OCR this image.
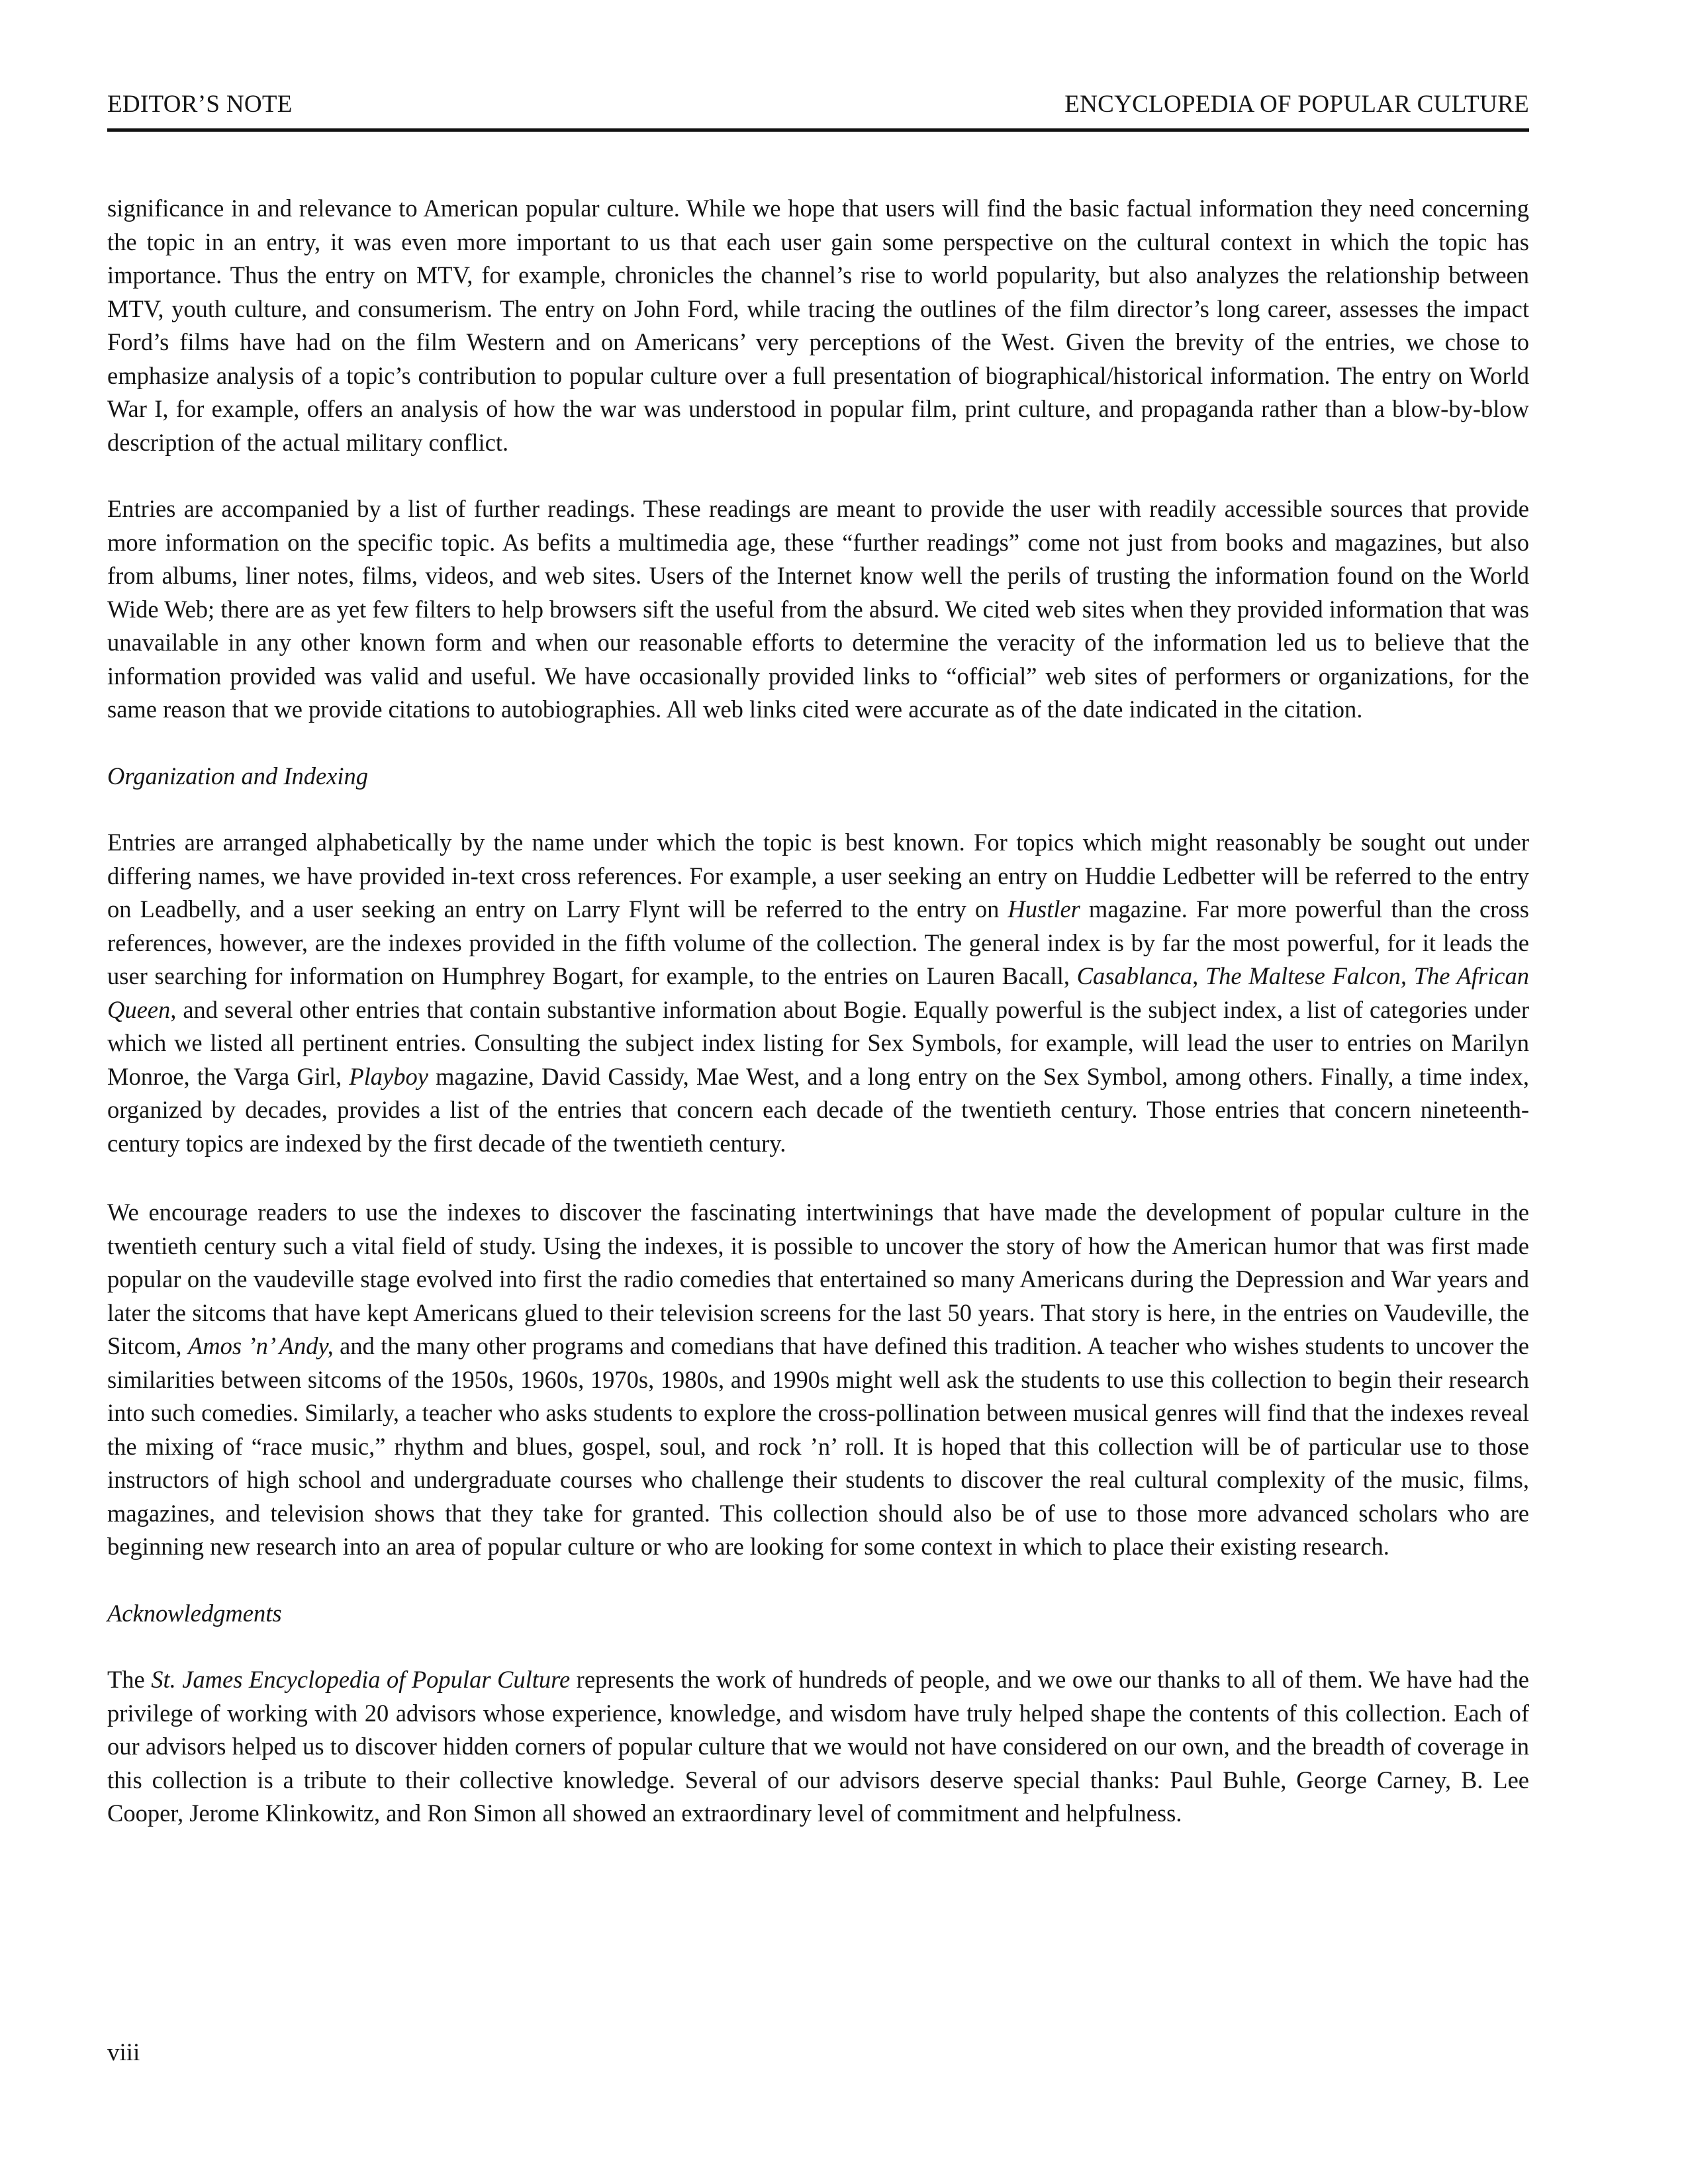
EDITOR’S NOTE	ENCYCLOPEDIA OF POPULAR CULTURE

significance in and relevance to American popular culture. While we hope that users will find the basic factual information they need concerning the topic in an entry, it was even more important to us that each user gain some perspective on the cultural context in which the topic has importance. Thus the entry on MTV, for example, chronicles the channel’s rise to world popularity, but also analyzes the relationship between MTV, youth culture, and consumerism. The entry on John Ford, while tracing the outlines of the film director’s long career, assesses the impact Ford’s films have had on the film Western and on Americans’ very perceptions of the West. Given the brevity of the entries, we chose to emphasize analysis of a topic’s contribution to popular culture over a full presentation of biographical/historical information. The entry on World War I, for example, offers an analysis of how the war was understood in popular film, print culture, and propaganda rather than a blow-by-blow description of the actual military conflict.

Entries are accompanied by a list of further readings. These readings are meant to provide the user with readily accessible sources that provide more information on the specific topic. As befits a multimedia age, these “further readings” come not just from books and magazines, but also from albums, liner notes, films, videos, and web sites. Users of the Internet know well the perils of trusting the information found on the World Wide Web; there are as yet few filters to help browsers sift the useful from the absurd. We cited web sites when they provided information that was unavailable in any other known form and when our reasonable efforts to determine the veracity of the information led us to believe that the information provided was valid and useful. We have occasionally provided links to “official” web sites of performers or organizations, for the same reason that we provide citations to autobiographies. All web links cited were accurate as of the date indicated in the citation.

Organization and Indexing

Entries are arranged alphabetically by the name under which the topic is best known. For topics which might reasonably be sought out under differing names, we have provided in-text cross references. For example, a user seeking an entry on Huddie Ledbetter will be referred to the entry on Leadbelly, and a user seeking an entry on Larry Flynt will be referred to the entry on Hustler magazine. Far more powerful than the cross references, however, are the indexes provided in the fifth volume of the collection. The general index is by far the most powerful, for it leads the user searching for information on Humphrey Bogart, for example, to the entries on Lauren Bacall, Casablanca, The Maltese Falcon, The African Queen, and several other entries that contain substantive information about Bogie. Equally powerful is the subject index, a list of categories under which we listed all pertinent entries. Consulting the subject index listing for Sex Symbols, for example, will lead the user to entries on Marilyn Monroe, the Varga Girl, Playboy magazine, David Cassidy, Mae West, and a long entry on the Sex Symbol, among others. Finally, a time index, organized by decades, provides a list of the entries that concern each decade of the twentieth century. Those entries that concern nineteenth-century topics are indexed by the first decade of the twentieth century.

We encourage readers to use the indexes to discover the fascinating intertwinings that have made the development of popular culture in the twentieth century such a vital field of study. Using the indexes, it is possible to uncover the story of how the American humor that was first made popular on the vaudeville stage evolved into first the radio comedies that entertained so many Americans during the Depression and War years and later the sitcoms that have kept Americans glued to their television screens for the last 50 years. That story is here, in the entries on Vaudeville, the Sitcom, Amos ’n’ Andy, and the many other programs and comedians that have defined this tradition. A teacher who wishes students to uncover the similarities between sitcoms of the 1950s, 1960s, 1970s, 1980s, and 1990s might well ask the students to use this collection to begin their research into such comedies. Similarly, a teacher who asks students to explore the cross-pollination between musical genres will find that the indexes reveal the mixing of “race music,” rhythm and blues, gospel, soul, and rock ’n’ roll. It is hoped that this collection will be of particular use to those instructors of high school and undergraduate courses who challenge their students to discover the real cultural complexity of the music, films, magazines, and television shows that they take for granted. This collection should also be of use to those more advanced scholars who are beginning new research into an area of popular culture or who are looking for some context in which to place their existing research.

Acknowledgments

The St. James Encyclopedia of Popular Culture represents the work of hundreds of people, and we owe our thanks to all of them. We have had the privilege of working with 20 advisors whose experience, knowledge, and wisdom have truly helped shape the contents of this collection. Each of our advisors helped us to discover hidden corners of popular culture that we would not have considered on our own, and the breadth of coverage in this collection is a tribute to their collective knowledge. Several of our advisors deserve special thanks: Paul Buhle, George Carney, B. Lee Cooper, Jerome Klinkowitz, and Ron Simon all showed an extraordinary level of commitment and helpfulness.

viii
